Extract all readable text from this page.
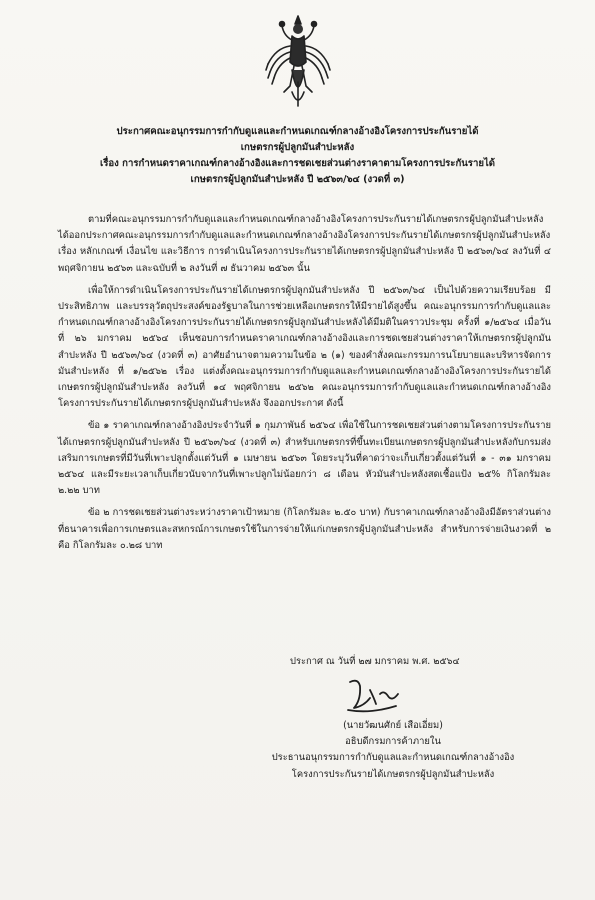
ประกาศคณะอนุกรรมการกำกับดูแลและกำหนดเกณฑ์กลางอ้างอิงโครงการประกันรายได้
เกษตรกรผู้ปลูกมันสำปะหลัง
เรื่อง การกำหนดราคาเกณฑ์กลางอ้างอิงและการชดเชยส่วนต่างราคาตามโครงการประกันรายได้
เกษตรกรผู้ปลูกมันสำปะหลัง ปี ๒๕๖๓/๖๔ (งวดที่ ๓)

ตามที่คณะอนุกรรมการกำกับดูแลและกำหนดเกณฑ์กลางอ้างอิงโครงการประกันรายได้เกษตรกรผู้ปลูกมันสำปะหลัง ได้ออกประกาศคณะอนุกรรมการกำกับดูแลและกำหนดเกณฑ์กลางอ้างอิงโครงการประกันรายได้เกษตรกรผู้ปลูกมันสำปะหลัง เรื่อง หลักเกณฑ์ เงื่อนไข และวิธีการ การดำเนินโครงการประกันรายได้เกษตรกรผู้ปลูกมันสำปะหลัง ปี ๒๕๖๓/๖๔ ลงวันที่ ๔ พฤศจิกายน ๒๕๖๓ และฉบับที่ ๒ ลงวันที่ ๗ ธันวาคม ๒๕๖๓ นั้น

เพื่อให้การดำเนินโครงการประกันรายได้เกษตรกรผู้ปลูกมันสำปะหลัง ปี ๒๕๖๓/๖๔ เป็นไปด้วยความเรียบร้อย มีประสิทธิภาพ และบรรลุวัตถุประสงค์ของรัฐบาลในการช่วยเหลือเกษตรกรให้มีรายได้สูงขึ้น คณะอนุกรรมการกำกับดูแลและกำหนดเกณฑ์กลางอ้างอิงโครงการประกันรายได้เกษตรกรผู้ปลูกมันสำปะหลังได้มีมติในคราวประชุม ครั้งที่ ๑/๒๕๖๔ เมื่อวันที่ ๒๖ มกราคม ๒๕๖๔ เห็นชอบการกำหนดราคาเกณฑ์กลางอ้างอิงและการชดเชยส่วนต่างราคาให้เกษตรกรผู้ปลูกมันสำปะหลัง ปี ๒๕๖๓/๖๔ (งวดที่ ๓) อาศัยอำนาจตามความในข้อ ๒ (๑) ของคำสั่งคณะกรรมการนโยบายและบริหารจัดการมันสำปะหลัง ที่ ๑/๒๕๖๒ เรื่อง แต่งตั้งคณะอนุกรรมการกำกับดูแลและกำหนดเกณฑ์กลางอ้างอิงโครงการประกันรายได้เกษตรกรผู้ปลูกมันสำปะหลัง ลงวันที่ ๑๔ พฤศจิกายน ๒๕๖๒ คณะอนุกรรมการกำกับดูแลและกำหนดเกณฑ์กลางอ้างอิงโครงการประกันรายได้เกษตรกรผู้ปลูกมันสำปะหลัง จึงออกประกาศ ดังนี้

ข้อ ๑ ราคาเกณฑ์กลางอ้างอิงประจำวันที่ ๑ กุมภาพันธ์ ๒๕๖๔ เพื่อใช้ในการชดเชยส่วนต่างตามโครงการประกันรายได้เกษตรกรผู้ปลูกมันสำปะหลัง ปี ๒๕๖๓/๖๔ (งวดที่ ๓) สำหรับเกษตรกรที่ขึ้นทะเบียนเกษตรกรผู้ปลูกมันสำปะหลังกับกรมส่งเสริมการเกษตรที่มีวันที่เพาะปลูกตั้งแต่วันที่ ๑ เมษายน ๒๕๖๓ โดยระบุวันที่คาดว่าจะเก็บเกี่ยวตั้งแต่วันที่ ๑ - ๓๑ มกราคม ๒๕๖๔ และมีระยะเวลาเก็บเกี่ยวนับจากวันที่เพาะปลูกไม่น้อยกว่า ๘ เดือน หัวมันสำปะหลังสดเชื้อแป้ง ๒๕% กิโลกรัมละ ๒.๒๒ บาท

ข้อ ๒ การชดเชยส่วนต่างระหว่างราคาเป้าหมาย (กิโลกรัมละ ๒.๕๐ บาท) กับราคาเกณฑ์กลางอ้างอิงมีอัตราส่วนต่างที่ธนาคารเพื่อการเกษตรและสหกรณ์การเกษตรใช้ในการจ่ายให้แก่เกษตรกรผู้ปลูกมันสำปะหลัง สำหรับการจ่ายเงินงวดที่ ๒ คือ กิโลกรัมละ ๐.๒๘ บาท

ประกาศ ณ วันที่ ๒๗ มกราคม พ.ศ. ๒๕๖๔
(นายวัฒนศักย์ เสือเอี่ยม)
อธิบดีกรมการค้าภายใน
ประธานอนุกรรมการกำกับดูแลและกำหนดเกณฑ์กลางอ้างอิง
โครงการประกันรายได้เกษตรกรผู้ปลูกมันสำปะหลัง
